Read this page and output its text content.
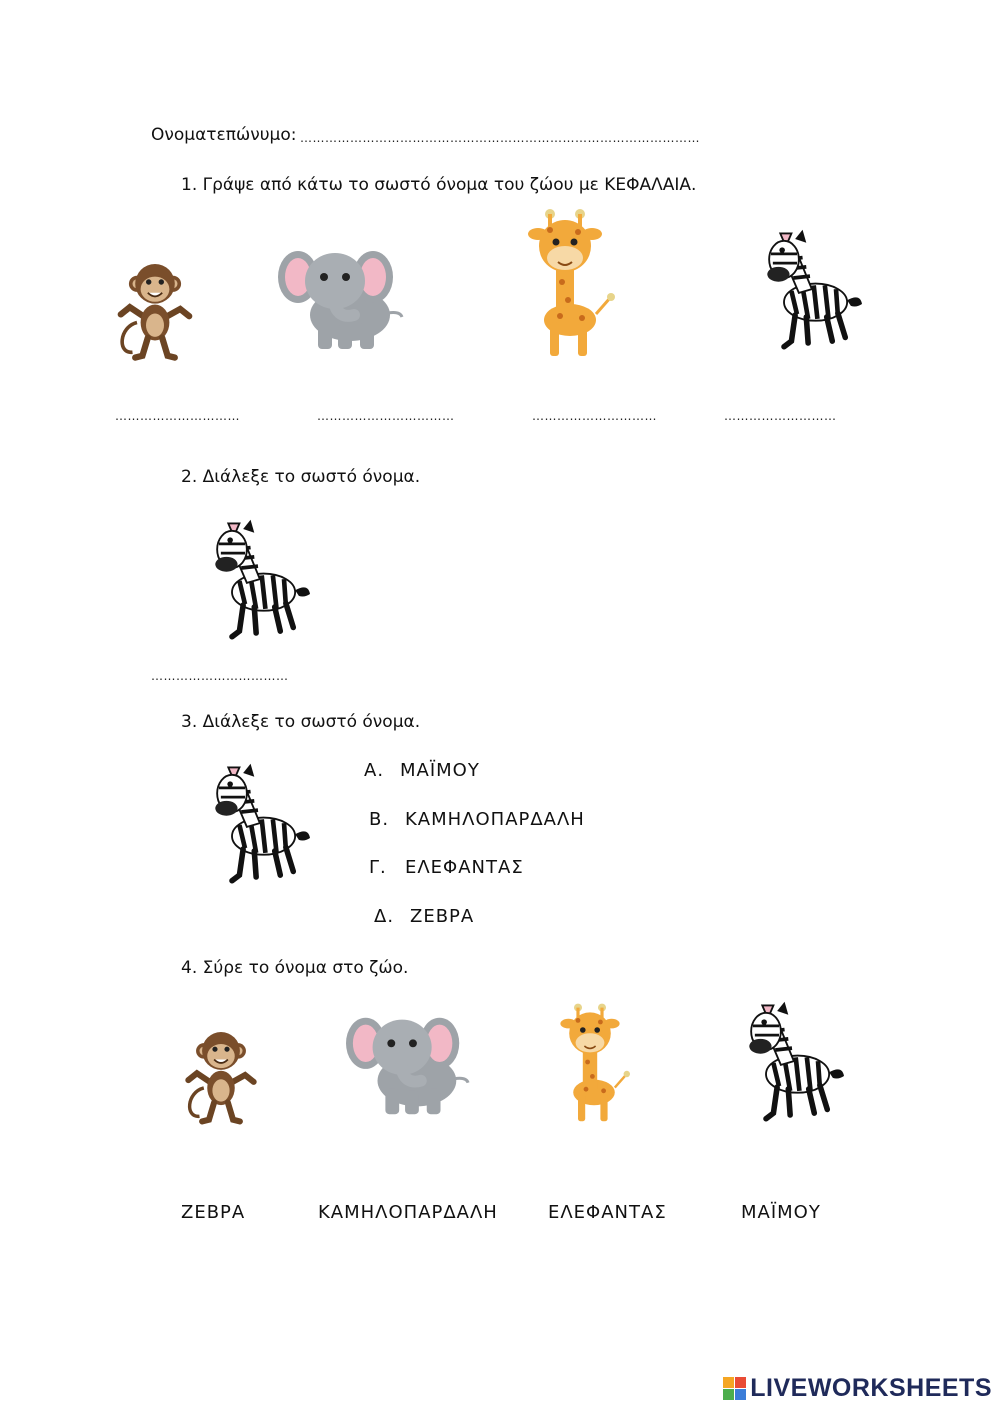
Ονοματεπώνυμο: ……………………………………………………………………………………
1. Γράψε από κάτω το σωστό όνομα του ζώου με ΚΕΦΑΛΑΙΑ.
…………………………	……………………………	…………………………	………………………
2. Διάλεξε το σωστό όνομα.
……………………………
3. Διάλεξε το σωστό όνομα.
Α. ΜΑΪΜΟΥ
Β. ΚΑΜΗΛΟΠΑΡΔΑΛΗ
Γ. ΕΛΕΦΑΝΤΑΣ
Δ. ΖΕΒΡΑ
4. Σύρε το όνομα στο ζώο.
ΖΕΒΡΑ	ΚΑΜΗΛΟΠΑΡΔΑΛΗ	ΕΛΕΦΑΝΤΑΣ	ΜΑΪΜΟΥ
LIVEWORKSHEETS
